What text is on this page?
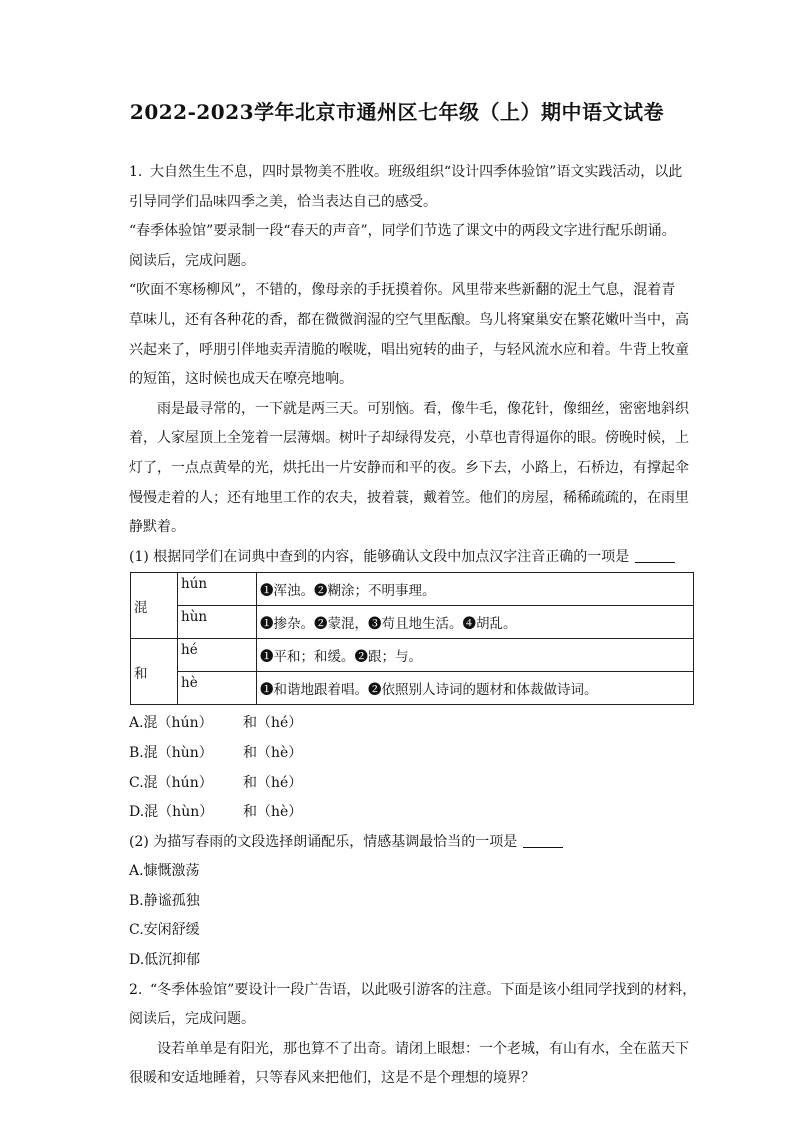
2022-2023学年北京市通州区七年级（上）期中语文试卷
1. 大自然生生不息，四时景物美不胜收。班级组织“设计四季体验馆”语文实践活动，以此
引导同学们品味四季之美，恰当表达自己的感受。
“春季体验馆”要录制一段“春天的声音”，同学们节选了课文中的两段文字进行配乐朗诵。
阅读后，完成问题。
“吹面不寒杨柳风”，不错的，像母亲的手抚摸着你。风里带来些新翻的泥土气息，混着青
草味儿，还有各种花的香，都在微微润湿的空气里酝酿。鸟儿将窠巢安在繁花嫩叶当中，高
兴起来了，呼朋引伴地卖弄清脆的喉咙，唱出宛转的曲子，与轻风流水应和着。牛背上牧童
的短笛，这时候也成天在嘹亮地响。
雨是最寻常的，一下就是两三天。可别恼。看，像牛毛，像花针，像细丝，密密地斜织
着，人家屋顶上全笼着一层薄烟。树叶子却绿得发亮，小草也青得逼你的眼。傍晚时候，上
灯了，一点点黄晕的光，烘托出一片安静而和平的夜。乡下去，小路上，石桥边，有撑起伞
慢慢走着的人；还有地里工作的农夫，披着蓑，戴着笠。他们的房屋，稀稀疏疏的，在雨里
静默着。
(1) 根据同学们在词典中查到的内容，能够确认文段中加点汉字注音正确的一项是
混	hún	❶浑浊。❷糊涂；不明事理。
	hùn	❶掺杂。❷蒙混，❸苟且地生活。❹胡乱。
和	hé	❶平和；和缓。❷跟；与。
	hè	❶和谐地跟着唱。❷依照别人诗词的题材和体裁做诗词。
A.混（hún） 和（hé）
B.混（hùn） 和（hè）
C.混（hún） 和（hé）
D.混（hùn） 和（hè）
(2) 为描写春雨的文段选择朗诵配乐，情感基调最恰当的一项是
A.慷慨激荡
B.静谧孤独
C.安闲舒缓
D.低沉抑郁
2. “冬季体验馆”要设计一段广告语，以此吸引游客的注意。下面是该小组同学找到的材料，
阅读后，完成问题。
设若单单是有阳光，那也算不了出奇。请闭上眼想：一个老城，有山有水，全在蓝天下
很暖和安适地睡着，只等春风来把他们，这是不是个理想的境界？
